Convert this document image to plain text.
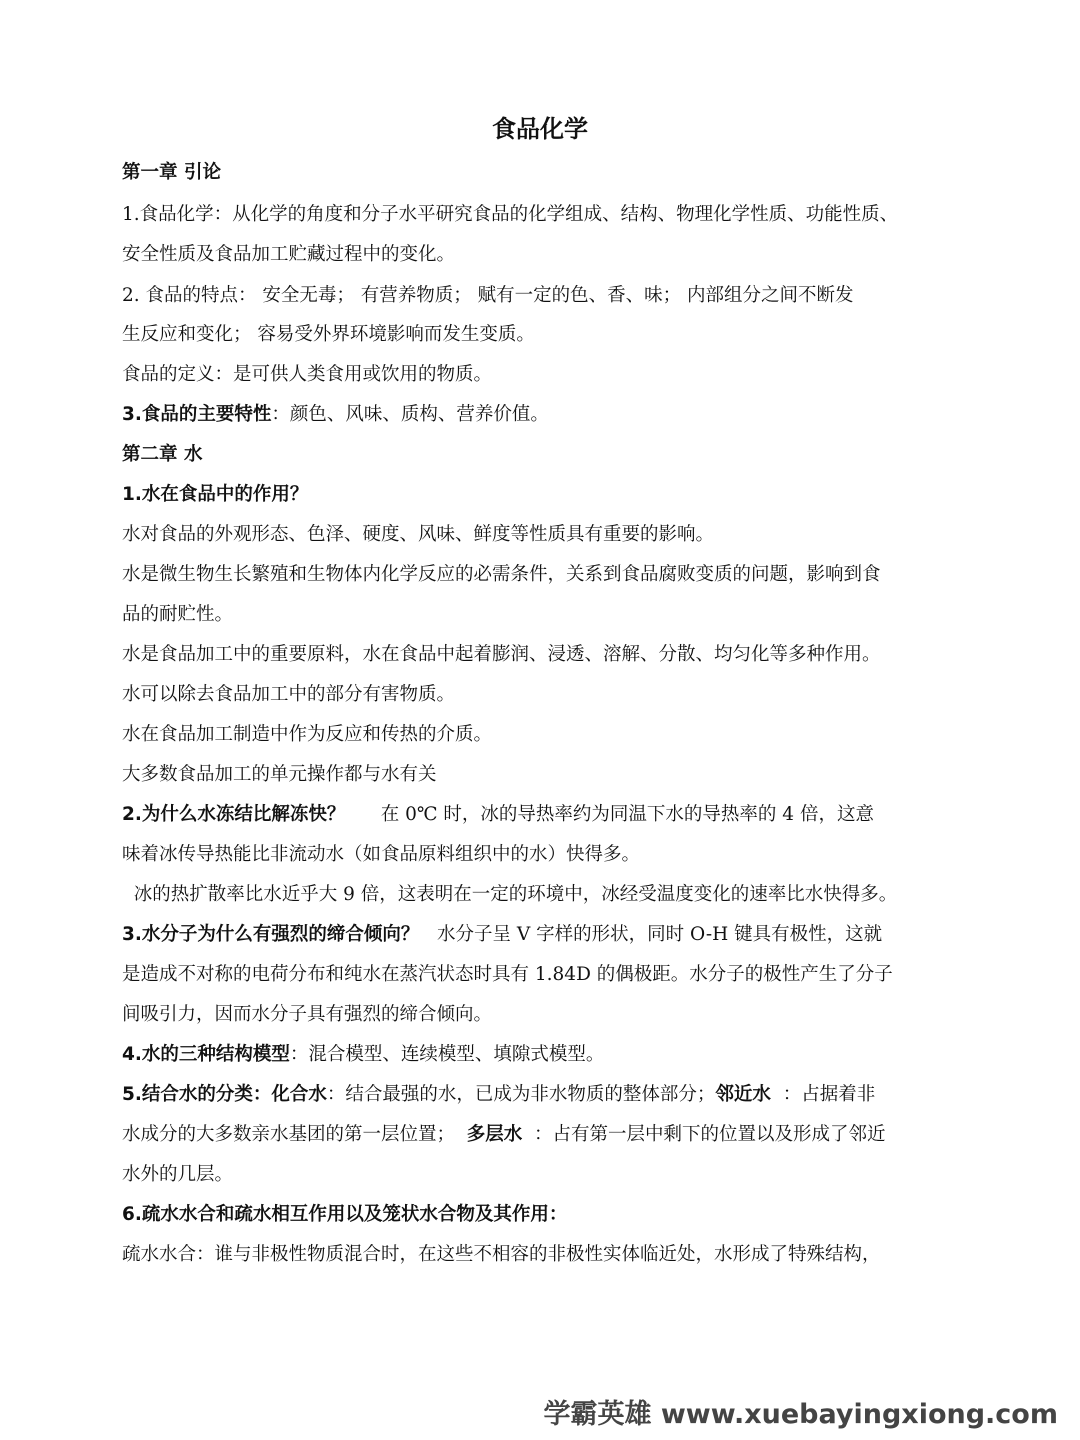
食品化学
第一章 引论
1.食品化学：从化学的角度和分子水平研究食品的化学组成、结构、物理化学性质、功能性质、
安全性质及食品加工贮藏过程中的变化。
2. 食品的特点： 安全无毒； 有营养物质； 赋有一定的色、香、味； 内部组分之间不断发
生反应和变化； 容易受外界环境影响而发生变质。
食品的定义：是可供人类食用或饮用的物质。
3.食品的主要特性：颜色、风味、质构、营养价值。
第二章 水
1.水在食品中的作用？
水对食品的外观形态、色泽、硬度、风味、鲜度等性质具有重要的影响。
水是微生物生长繁殖和生物体内化学反应的必需条件，关系到食品腐败变质的问题，影响到食
品的耐贮性。
水是食品加工中的重要原料，水在食品中起着膨润、浸透、溶解、分散、均匀化等多种作用。
水可以除去食品加工中的部分有害物质。
水在食品加工制造中作为反应和传热的介质。
大多数食品加工的单元操作都与水有关
2.为什么水冻结比解冻快？      在 0℃ 时，冰的导热率约为同温下水的导热率的 4 倍，这意
味着冰传导热能比非流动水（如食品原料组织中的水）快得多。
冰的热扩散率比水近乎大 9 倍，这表明在一定的环境中，冰经受温度变化的速率比水快得多。
3.水分子为什么有强烈的缔合倾向？   水分子呈 V 字样的形状，同时 O-H 键具有极性，这就
是造成不对称的电荷分布和纯水在蒸汽状态时具有 1.84D 的偶极距。水分子的极性产生了分子
间吸引力，因而水分子具有强烈的缔合倾向。
4.水的三种结构模型：混合模型、连续模型、填隙式模型。
5.结合水的分类：化合水：结合最强的水，已成为非水物质的整体部分；邻近水  ：占据着非
水成分的大多数亲水基团的第一层位置；  多层水  ：占有第一层中剩下的位置以及形成了邻近
水外的几层。
6.疏水水合和疏水相互作用以及笼状水合物及其作用：
疏水水合：谁与非极性物质混合时，在这些不相容的非极性实体临近处，水形成了特殊结构，
学霸英雄 www.xuebayingxiong.com
